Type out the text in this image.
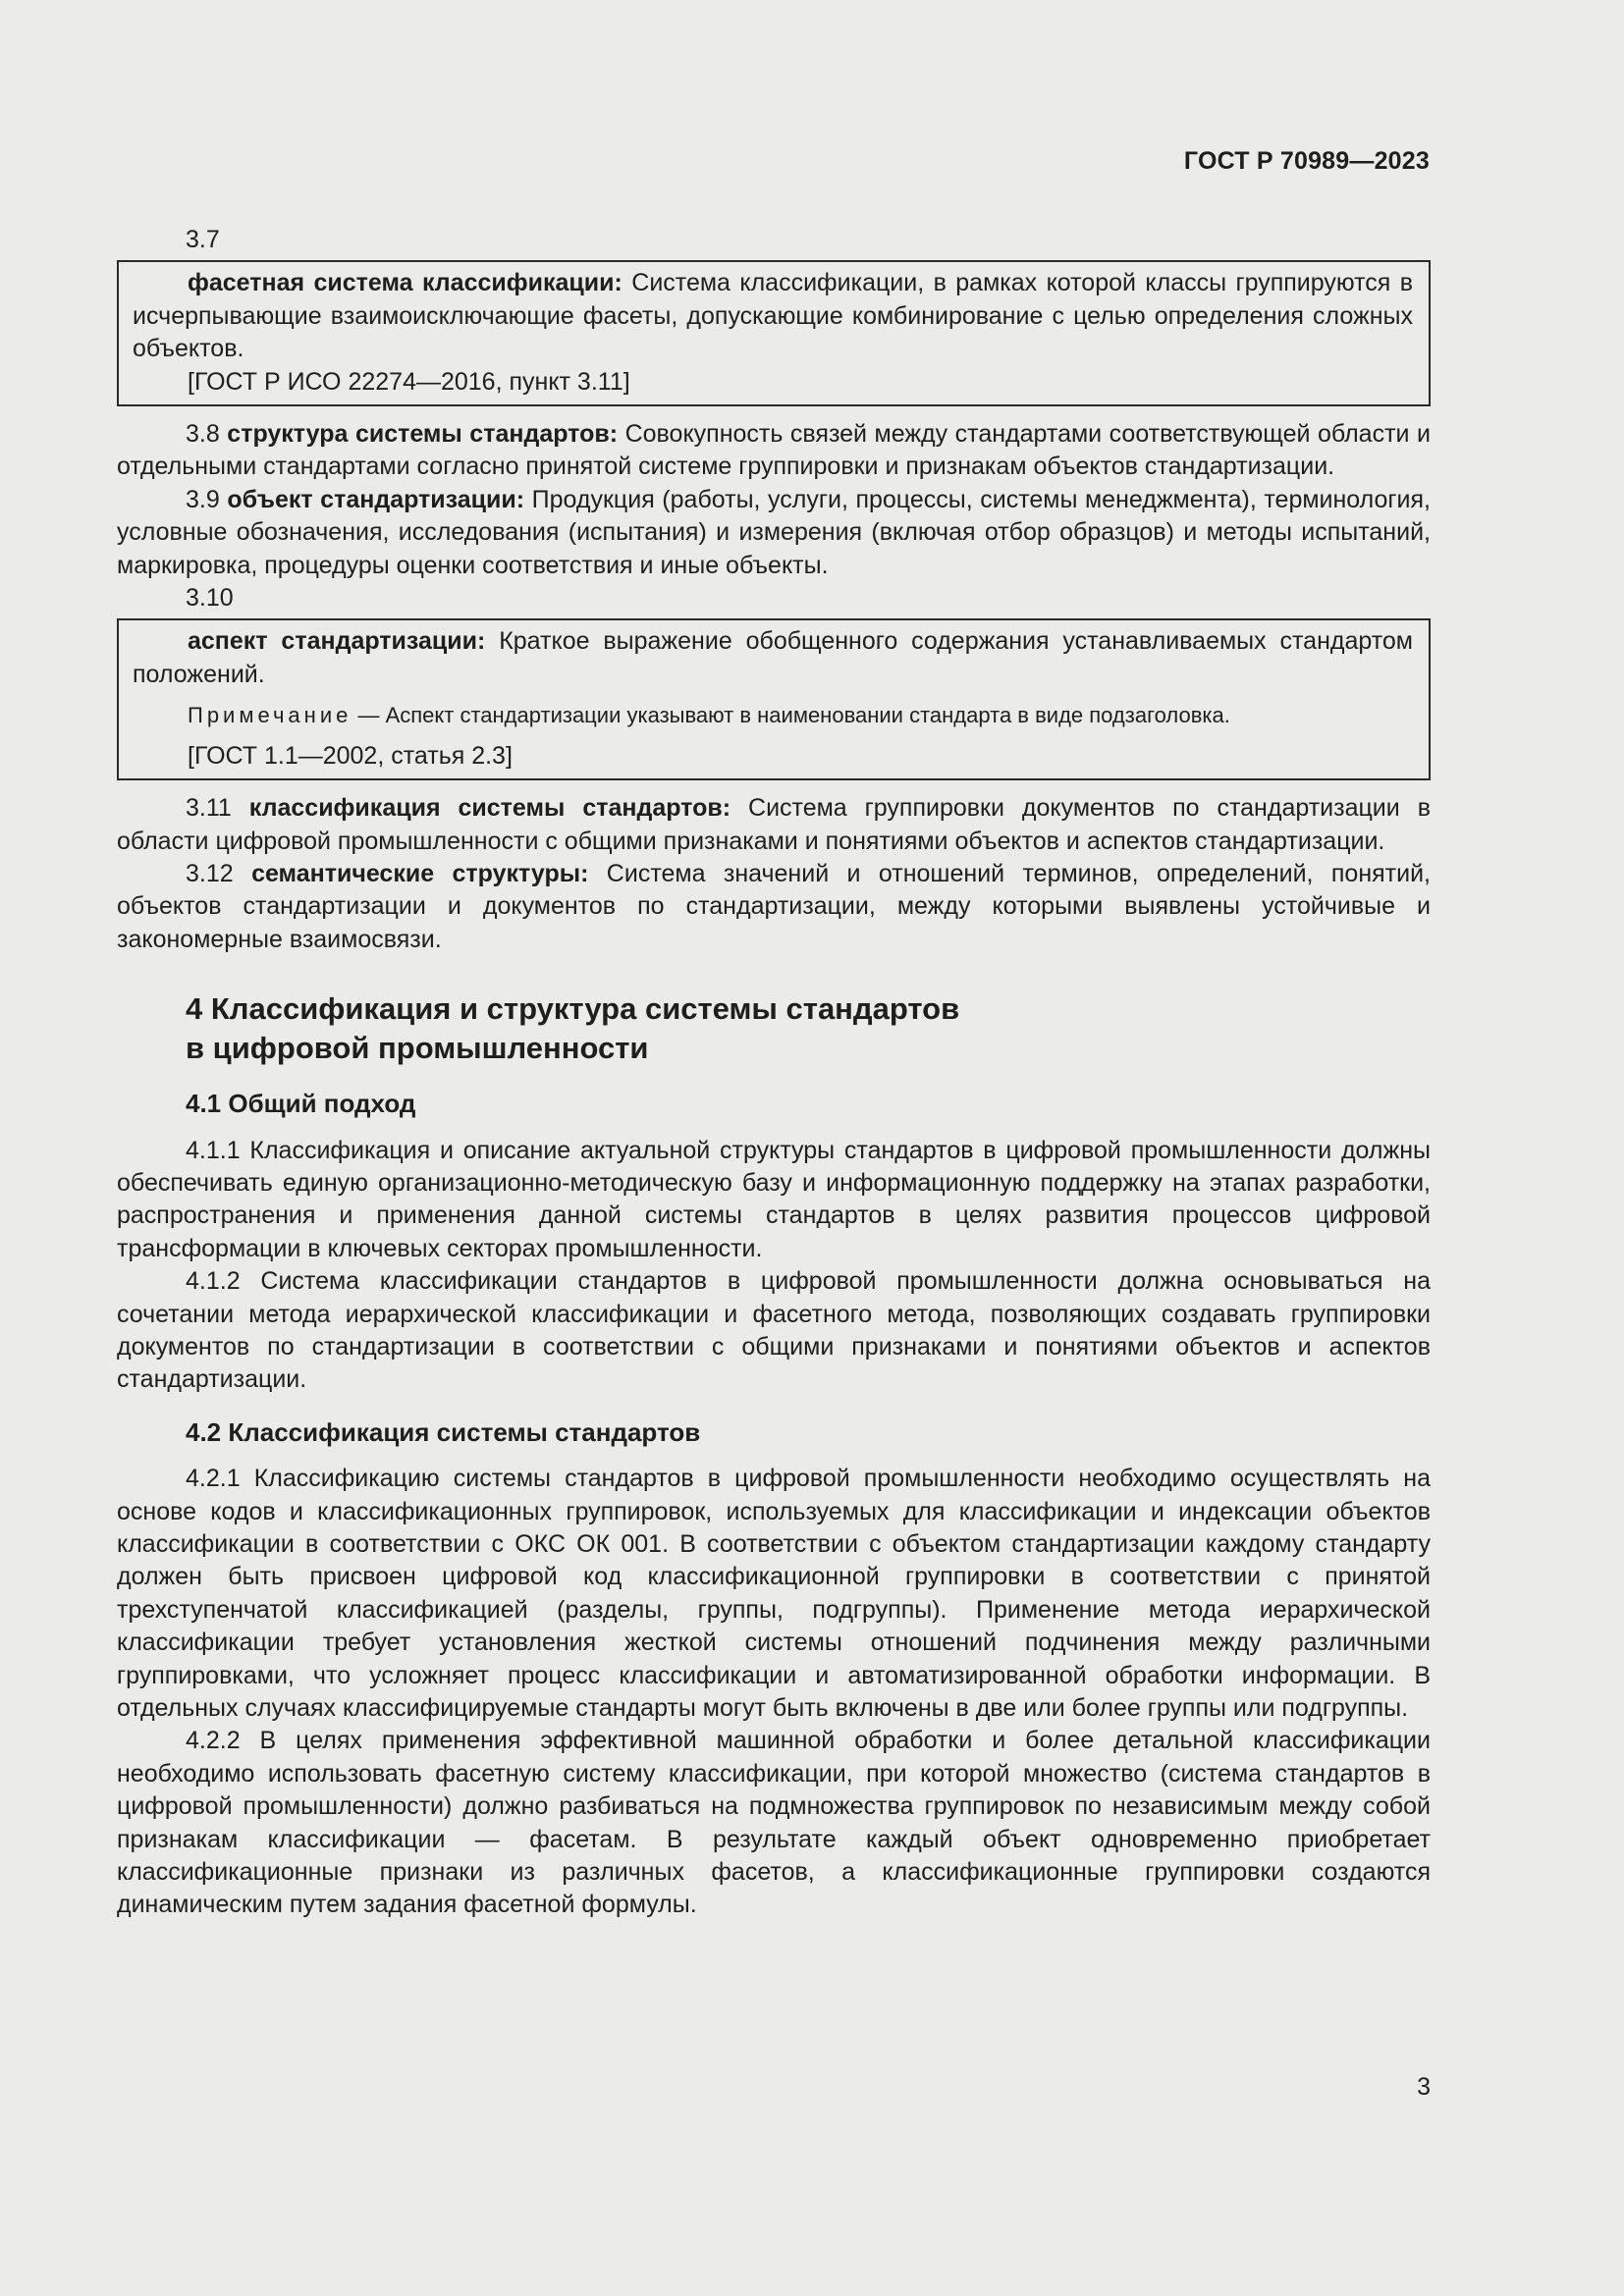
ГОСТ Р 70989—2023

3.7

фасетная система классификации: Система классификации, в рамках которой классы группируются в исчерпывающие взаимоисключающие фасеты, допускающие комбинирование с целью определения сложных объектов.

[ГОСТ Р ИСО 22274—2016, пункт 3.11]

3.8 структура системы стандартов: Совокупность связей между стандартами соответствующей области и отдельными стандартами согласно принятой системе группировки и признакам объектов стандартизации.

3.9 объект стандартизации: Продукция (работы, услуги, процессы, системы менеджмента), терминология, условные обозначения, исследования (испытания) и измерения (включая отбор образцов) и методы испытаний, маркировка, процедуры оценки соответствия и иные объекты.

3.10

аспект стандартизации: Краткое выражение обобщенного содержания устанавливаемых стандартом положений.

Примечание — Аспект стандартизации указывают в наименовании стандарта в виде подзаголовка.

[ГОСТ 1.1—2002, статья 2.3]

3.11 классификация системы стандартов: Система группировки документов по стандартизации в области цифровой промышленности с общими признаками и понятиями объектов и аспектов стандартизации.

3.12 семантические структуры: Система значений и отношений терминов, определений, понятий, объектов стандартизации и документов по стандартизации, между которыми выявлены устойчивые и закономерные взаимосвязи.

4 Классификация и структура системы стандартов
в цифровой промышленности
4.1 Общий подход

4.1.1 Классификация и описание актуальной структуры стандартов в цифровой промышленности должны обеспечивать единую организационно-методическую базу и информационную поддержку на этапах разработки, распространения и применения данной системы стандартов в целях развития процессов цифровой трансформации в ключевых секторах промышленности.

4.1.2 Система классификации стандартов в цифровой промышленности должна основываться на сочетании метода иерархической классификации и фасетного метода, позволяющих создавать группировки документов по стандартизации в соответствии с общими признаками и понятиями объектов и аспектов стандартизации.

4.2 Классификация системы стандартов

4.2.1 Классификацию системы стандартов в цифровой промышленности необходимо осуществлять на основе кодов и классификационных группировок, используемых для классификации и индексации объектов классификации в соответствии с ОКС ОК 001. В соответствии с объектом стандартизации каждому стандарту должен быть присвоен цифровой код классификационной группировки в соответствии с принятой трехступенчатой классификацией (разделы, группы, подгруппы). Применение метода иерархической классификации требует установления жесткой системы отношений подчинения между различными группировками, что усложняет процесс классификации и автоматизированной обработки информации. В отдельных случаях классифицируемые стандарты могут быть включены в две или более группы или подгруппы.

4.2.2 В целях применения эффективной машинной обработки и более детальной классификации необходимо использовать фасетную систему классификации, при которой множество (система стандартов в цифровой промышленности) должно разбиваться на подмножества группировок по независимым между собой признакам классификации — фасетам. В результате каждый объект одновременно приобретает классификационные признаки из различных фасетов, а классификационные группировки создаются динамическим путем задания фасетной формулы.

3
